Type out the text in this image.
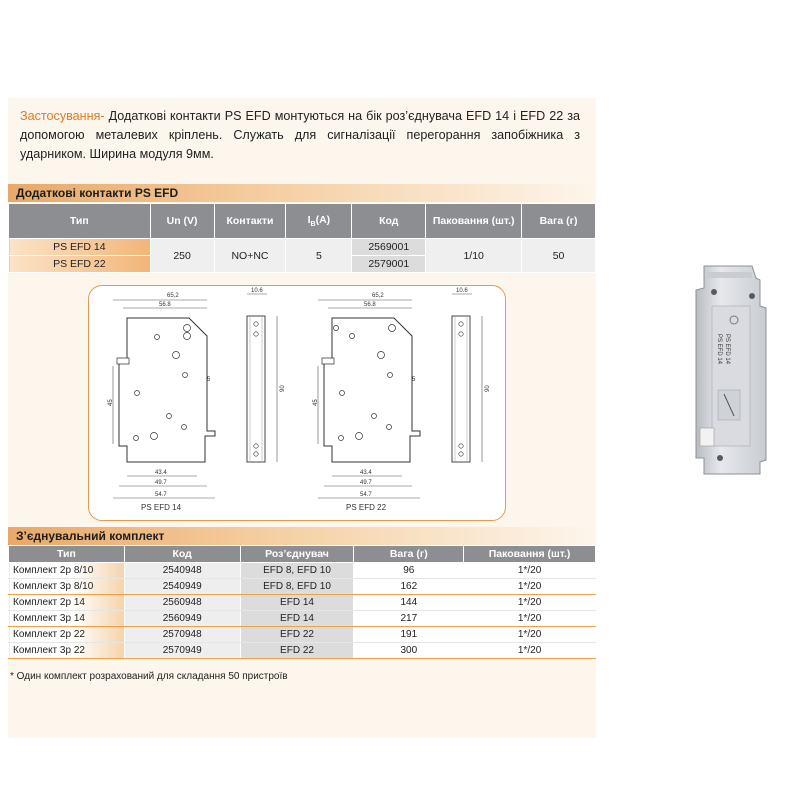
Застосування- Додаткові контакти PS EFD монтуються на бік роз’єднувача EFD 14 і EFD 22 за допомогою металевих кріплень. Служать для сигналізації перегорання запобіжника з ударником. Ширина модуля 9мм.
Додаткові контакти PS EFD
Тип	Un (V)	Контакти	$I_B(A)$	Код	Паковання (шт.)	Вага (г)
PS EFD 14	250	NO+NC	5	2569001	1/10	50
PS EFD 22				2579001		
65,2
56.8
45
5
43.4
49.7
54.7
PS EFD 14
10.6
90
65,2
56.8
45
5
43.4
49.7
54.7
PS EFD 22
10.6
90
З’єднувальний комплект
Тип	Код	Роз’єднувач	Вага (г)	Паковання (шт.)
Комплект 2р 8/10	2540948	EFD 8, EFD 10	96	1*/20
Комплект 3р 8/10	2540949	EFD 8, EFD 10	162	1*/20
Комплект 2р 14	2560948	EFD 14	144	1*/20
Комплект 3р 14	2560949	EFD 14	217	1*/20
Комплект 2р 22	2570948	EFD 22	191	1*/20
Комплект 3р 22	2570949	EFD 22	300	1*/20
* Один комплект розрахований для складання 50 пристроїв
PS EFD 14
PS EFD 14
